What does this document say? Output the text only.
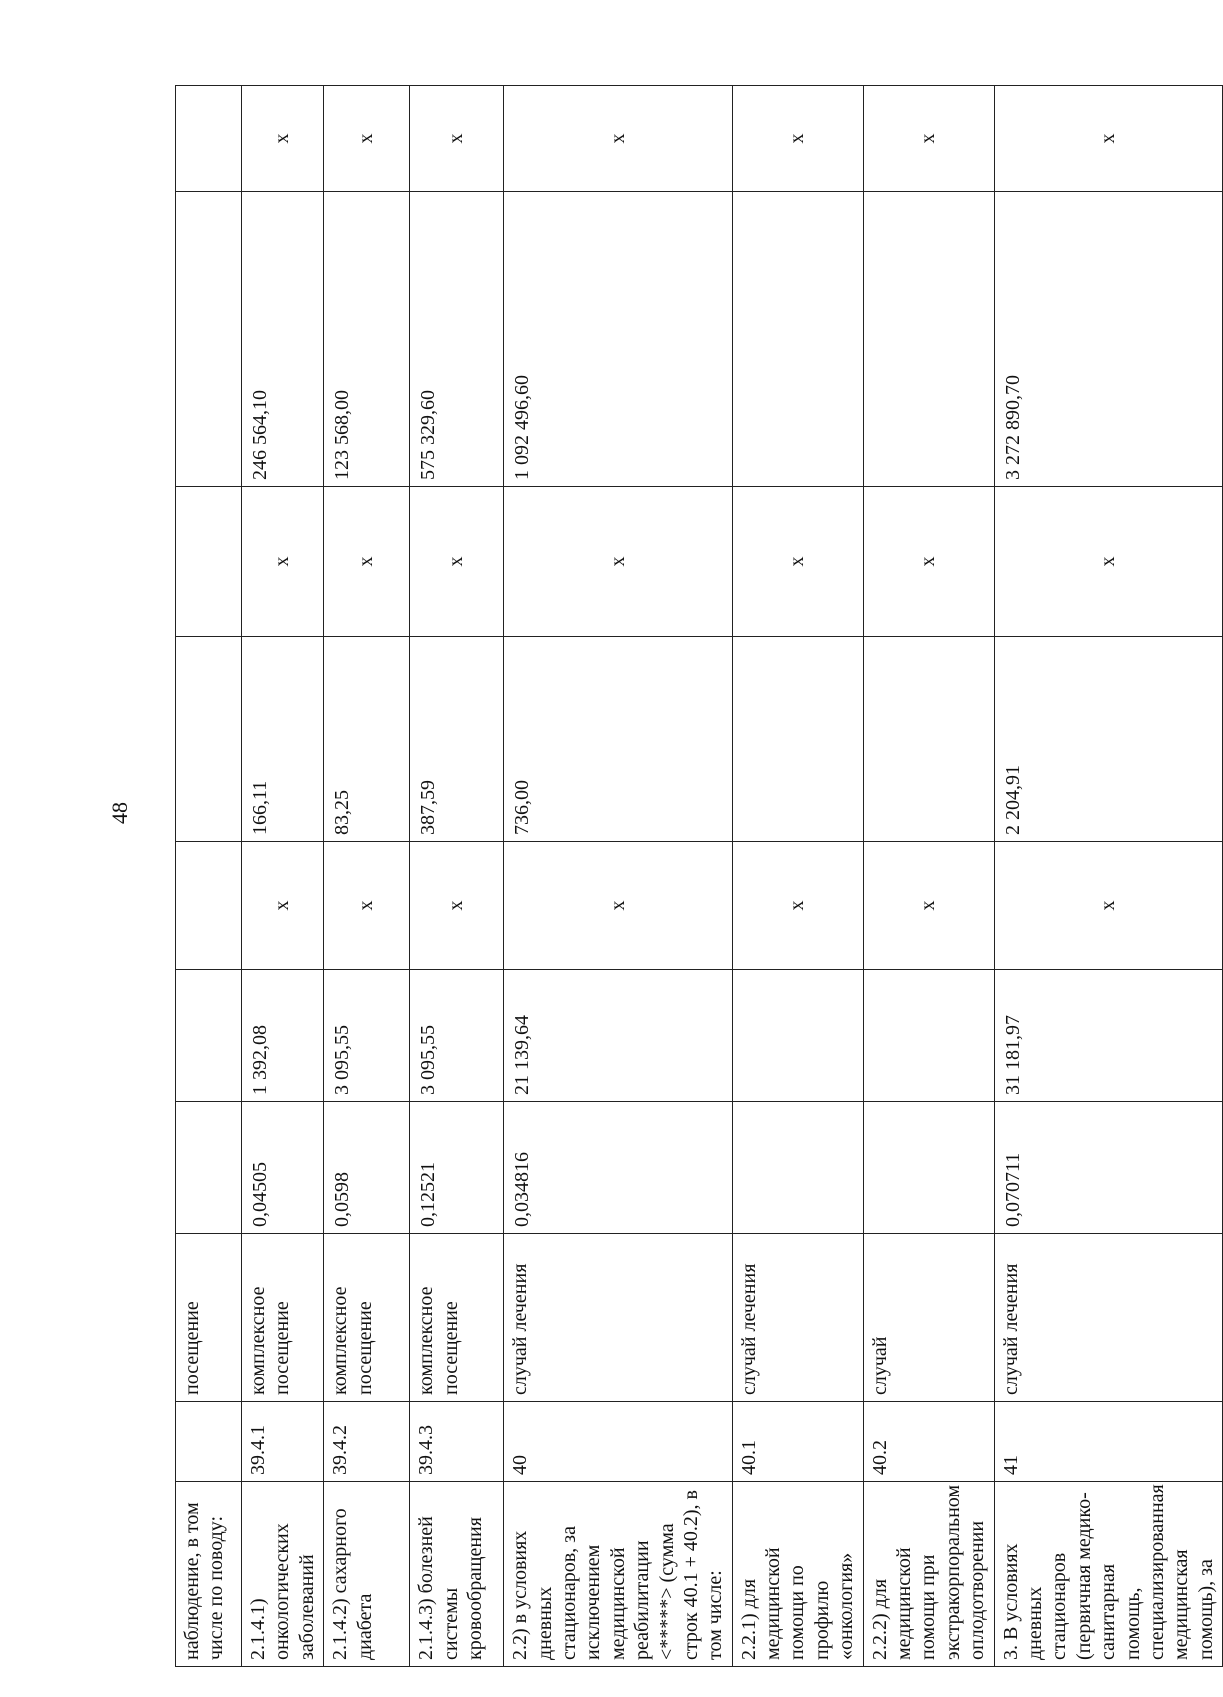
48
наблюдение, в том числе по поводу:		посещение							
2.1.4.1) онкологических заболеваний	39.4.1	комплексное посещение	0,04505	1 392,08	x	166,11	x	246 564,10	x
2.1.4.2) сахарного диабета	39.4.2	комплексное посещение	0,0598	3 095,55	x	83,25	x	123 568,00	x
2.1.4.3) болезней системы кровообращения	39.4.3	комплексное посещение	0,12521	3 095,55	x	387,59	x	575 329,60	x
2.2) в условиях дневных стационаров, за исключением медицинской реабилитации <*****> (сумма строк 40.1 + 40.2), в том числе:	40	случай лечения	0,034816	21 139,64	x	736,00	x	1 092 496,60	x
2.2.1) для медицинской помощи по профилю «онкология»	40.1	случай лечения			x		x		x
2.2.2) для медицинской помощи при экстракорпоральном оплодотворении	40.2	случай			x		x		x
3. В условиях дневных стационаров (первичная медико-санитарная помощь, специализированная медицинская помощь), за	41	случай лечения	0,070711	31 181,97	x	2 204,91	x	3 272 890,70	x
